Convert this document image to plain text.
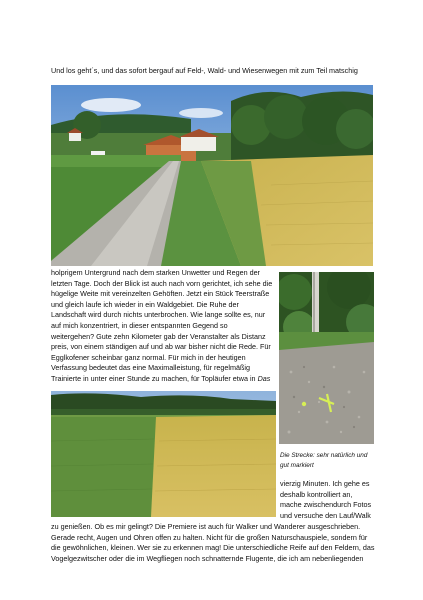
Und los geht´s, und das sofort bergauf auf Feld-, Wald- und Wiesenwegen mit zum Teil matschig
holprigem Untergrund nach dem starken Unwetter und Regen der
letzten Tage. Doch der Blick ist auch nach vorn gerichtet, ich sehe die
hügelige Weite mit vereinzelten Gehöften. Jetzt ein Stück Teerstraße
und gleich laufe ich wieder in ein Waldgebiet. Die Ruhe der
Landschaft wird durch nichts unterbrochen. Wie lange sollte es, nur
auf mich konzentriert, in dieser entspannten Gegend so
weitergehen? Gute zehn Kilometer gab der Veranstalter als Distanz
preis, von einem ständigen auf und ab war bisher nicht die Rede. Für
Egglkofener scheinbar ganz normal. Für mich in der heutigen
Verfassung bedeutet das eine Maximalleistung, für regelmäßig
Trainierte in unter einer Stunde zu machen, für Topläufer etwa in Das
Die Strecke: sehr natürlich und gut markiert
vierzig Minuten. Ich gehe es
deshalb kontrolliert an,
mache zwischendurch Fotos
und versuche den Lauf/Walk
zu genießen. Ob es mir gelingt? Die Premiere ist auch für Walker und Wanderer ausgeschrieben.
Gerade recht, Augen und Ohren offen zu halten. Nicht für die großen Naturschauspiele, sondern für
die gewöhnlichen, kleinen. Wer sie zu erkennen mag! Die unterschiedliche Reife auf den Feldern, das
Vogelgezwitscher oder die im Wegfliegen noch schnatternde Flugente, die ich am nebenliegenden
